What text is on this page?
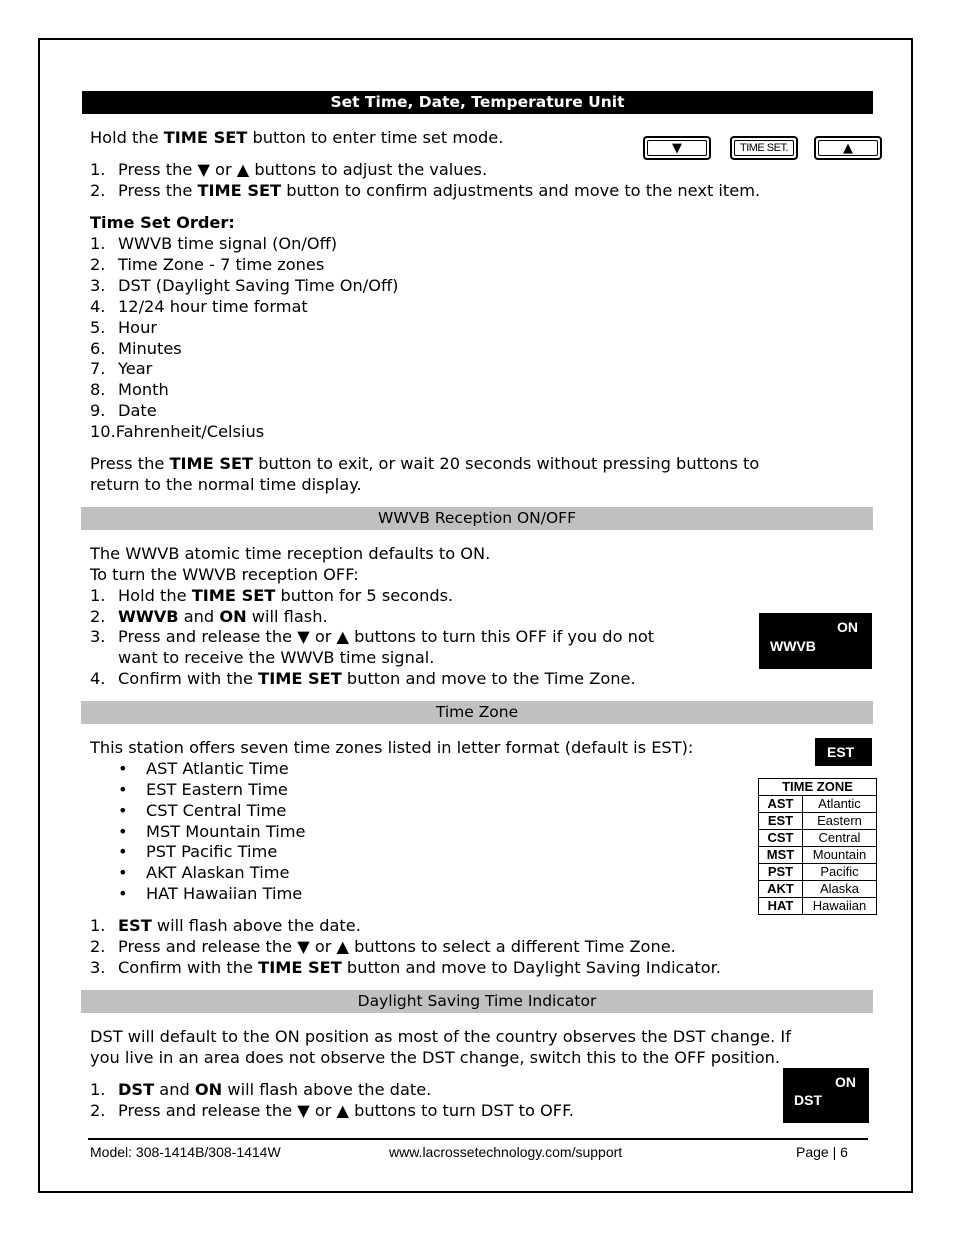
Set Time, Date, Temperature Unit
Hold the TIME SET button to enter time set mode.
▼	TIME SET.	▲
1. Press the ▼ or ▲ buttons to adjust the values.
2. Press the TIME SET button to confirm adjustments and move to the next item.
Time Set Order:
1. WWVB time signal (On/Off)
2. Time Zone - 7 time zones
3. DST (Daylight Saving Time On/Off)
4. 12/24 hour time format
5. Hour
6. Minutes
7. Year
8. Month
9. Date
10.Fahrenheit/Celsius
Press the TIME SET button to exit, or wait 20 seconds without pressing buttons to
return to the normal time display.
WWVB Reception ON/OFF
The WWVB atomic time reception defaults to ON.
To turn the WWVB reception OFF:
1. Hold the TIME SET button for 5 seconds.
2. WWVB and ON will flash.
3. Press and release the ▼ or ▲ buttons to turn this OFF if you do not
want to receive the WWVB time signal.
4. Confirm with the TIME SET button and move to the Time Zone.
ON
WWVB
Time Zone
This station offers seven time zones listed in letter format (default is EST):
• AST Atlantic Time
• EST Eastern Time
• CST Central Time
• MST Mountain Time
• PST Pacific Time
• AKT Alaskan Time
• HAT Hawaiian Time
EST
TIME ZONE	
AST	Atlantic
EST	Eastern
CST	Central
MST	Mountain
PST	Pacific
AKT	Alaska
HAT	Hawaiian
1. EST will flash above the date.
2. Press and release the ▼ or ▲ buttons to select a different Time Zone.
3. Confirm with the TIME SET button and move to Daylight Saving Indicator.
Daylight Saving Time Indicator
DST will default to the ON position as most of the country observes the DST change. If
you live in an area does not observe the DST change, switch this to the OFF position.
1. DST and ON will flash above the date.
2. Press and release the ▼ or ▲ buttons to turn DST to OFF.
ON
DST
Model: 308-1414B/308-1414W	www.lacrossetechnology.com/support	Page | 6
